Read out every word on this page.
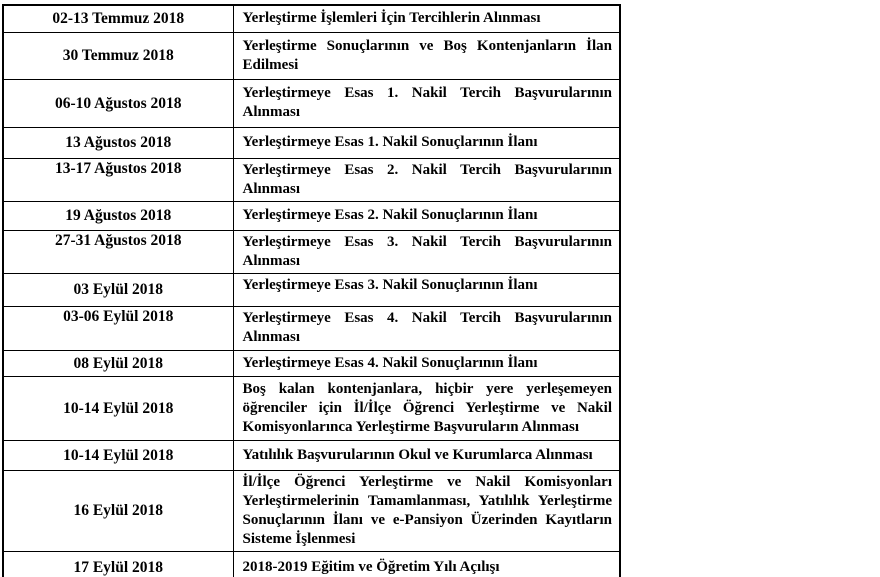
02-13 Temmuz 2018	Yerleştirme İşlemleri İçin Tercihlerin Alınması
30 Temmuz 2018	Yerleştirme Sonuçlarının ve Boş Kontenjanların İlan Edilmesi
06-10 Ağustos 2018	Yerleştirmeye Esas 1. Nakil Tercih Başvurularının Alınması
13 Ağustos 2018	Yerleştirmeye Esas 1. Nakil Sonuçlarının İlanı
13-17 Ağustos 2018	Yerleştirmeye Esas 2. Nakil Tercih Başvurularının Alınması
19 Ağustos 2018	Yerleştirmeye Esas 2. Nakil Sonuçlarının İlanı
27-31 Ağustos 2018	Yerleştirmeye Esas 3. Nakil Tercih Başvurularının Alınması
03 Eylül 2018	Yerleştirmeye Esas 3. Nakil Sonuçlarının İlanı
03-06 Eylül 2018	Yerleştirmeye Esas 4. Nakil Tercih Başvurularının Alınması
08 Eylül 2018	Yerleştirmeye Esas 4. Nakil Sonuçlarının İlanı
10-14 Eylül 2018	Boş kalan kontenjanlara, hiçbir yere yerleşemeyen öğrenciler için İl/İlçe Öğrenci Yerleştirme ve Nakil Komisyonlarınca Yerleştirme Başvuruların Alınması
10-14 Eylül 2018	Yatılılık Başvurularının Okul ve Kurumlarca Alınması
16 Eylül 2018	İl/İlçe Öğrenci Yerleştirme ve Nakil Komisyonları Yerleştirmelerinin Tamamlanması, Yatılılık Yerleştirme Sonuçlarının İlanı ve e-Pansiyon Üzerinden Kayıtların Sisteme İşlenmesi
17 Eylül 2018	2018-2019 Eğitim ve Öğretim Yılı Açılışı
